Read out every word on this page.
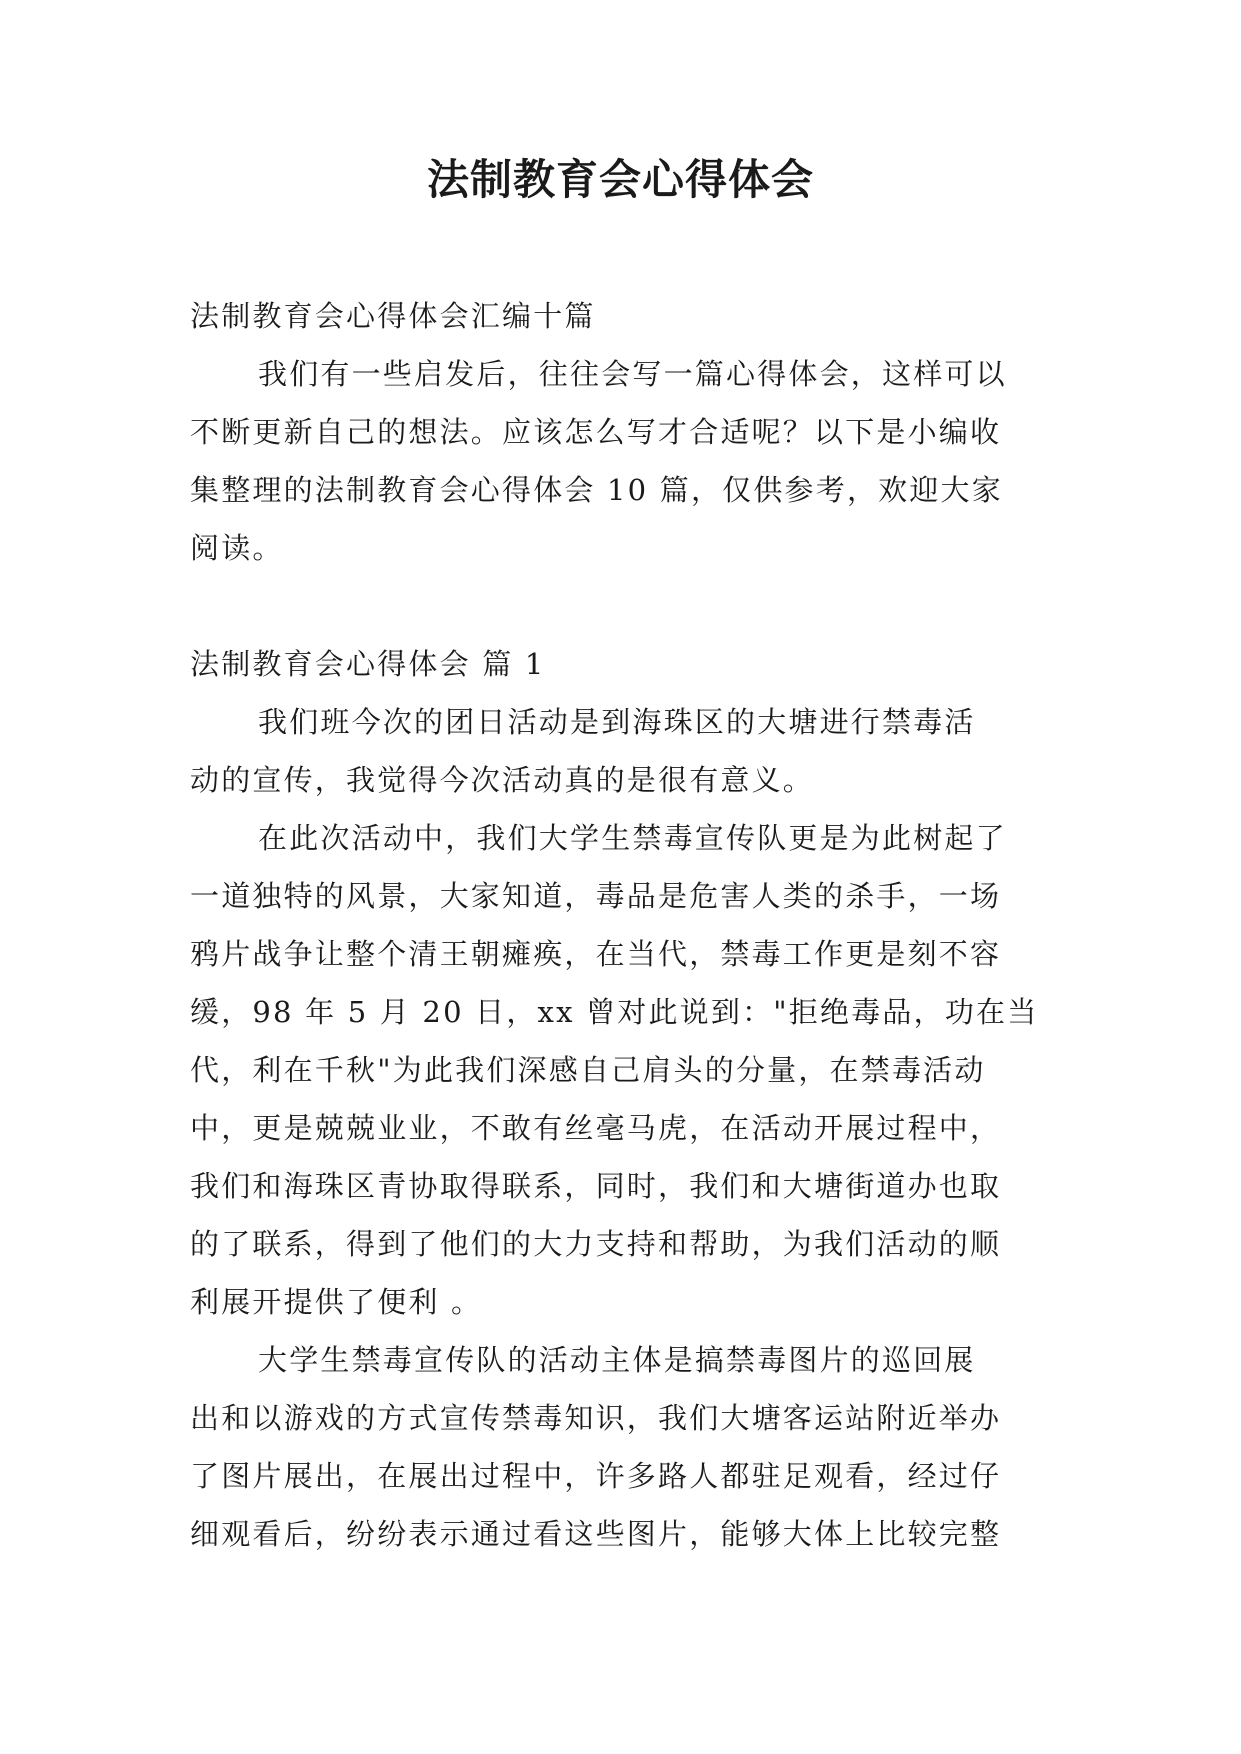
法制教育会心得体会
法制教育会心得体会汇编十篇
我们有一些启发后，往往会写一篇心得体会，这样可以
不断更新自己的想法。应该怎么写才合适呢？以下是小编收
集整理的法制教育会心得体会 10 篇，仅供参考，欢迎大家
阅读。
法制教育会心得体会 篇 1
我们班今次的团日活动是到海珠区的大塘进行禁毒活
动的宣传，我觉得今次活动真的是很有意义。
在此次活动中，我们大学生禁毒宣传队更是为此树起了
一道独特的风景，大家知道，毒品是危害人类的杀手，一场
鸦片战争让整个清王朝瘫痪，在当代，禁毒工作更是刻不容
缓，98 年 5 月 20 日，xx 曾对此说到："拒绝毒品，功在当
代，利在千秋"为此我们深感自己肩头的分量，在禁毒活动
中，更是兢兢业业，不敢有丝毫马虎，在活动开展过程中，
我们和海珠区青协取得联系，同时，我们和大塘街道办也取
的了联系，得到了他们的大力支持和帮助，为我们活动的顺
利展开提供了便利 。
大学生禁毒宣传队的活动主体是搞禁毒图片的巡回展
出和以游戏的方式宣传禁毒知识，我们大塘客运站附近举办
了图片展出，在展出过程中，许多路人都驻足观看，经过仔
细观看后，纷纷表示通过看这些图片，能够大体上比较完整
